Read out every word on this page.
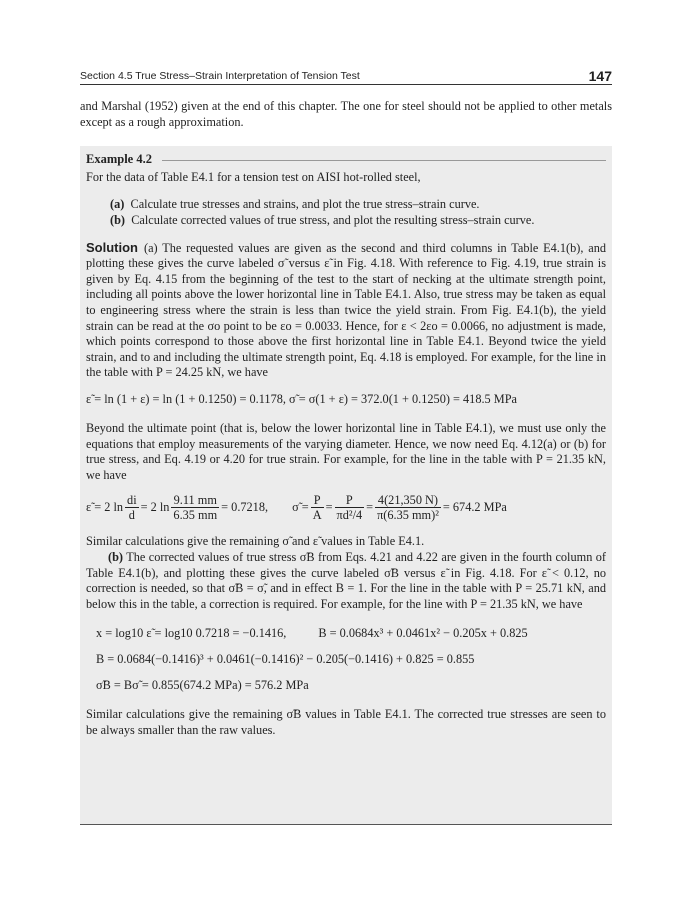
Section 4.5 True Stress–Strain Interpretation of Tension Test	147

and Marshal (1952) given at the end of this chapter. The one for steel should not be applied to other metals except as a rough approximation.

Example 4.2

For the data of Table E4.1 for a tension test on AISI hot-rolled steel,

(a) Calculate true stresses and strains, and plot the true stress–strain curve.
(b) Calculate corrected values of true stress, and plot the resulting stress–strain curve.

Solution (a) The requested values are given as the second and third columns in Table E4.1(b), and plotting these gives the curve labeled σ̃ versus ε̃ in Fig. 4.18. With reference to Fig. 4.19, true strain is given by Eq. 4.15 from the beginning of the test to the start of necking at the ultimate strength point, including all points above the lower horizontal line in Table E4.1. Also, true stress may be taken as equal to engineering stress where the strain is less than twice the yield strain. From Fig. E4.1(b), the yield strain can be read at the σo point to be εo = 0.0033. Hence, for ε < 2εo = 0.0066, no adjustment is made, which points correspond to those above the first horizontal line in Table E4.1. Beyond twice the yield strain, and to and including the ultimate strength point, Eq. 4.18 is employed. For example, for the line in the table with P = 24.25 kN, we have

ε̃ = ln (1 + ε) = ln (1 + 0.1250) = 0.1178, σ̃ = σ(1 + ε) = 372.0(1 + 0.1250) = 418.5 MPa

Beyond the ultimate point (that is, below the lower horizontal line in Table E4.1), we must use only the equations that employ measurements of the varying diameter. Hence, we now need Eq. 4.12(a) or (b) for true stress, and Eq. 4.19 or 4.20 for true strain. For example, for the line in the table with P = 21.35 kN, we have

ε̃ = 2 $\ln \frac{di}{d} = 2$ $\ln \frac{9.11 mm}{6.35 mm} = 0.7218$, σ̃ = $\frac{P}{A} = \frac{P}{\text{πd²/4}} = \frac{4(21,350 N)}{\text{π(6.35 mm)²}} = 674.2$ MPa

Similar calculations give the remaining σ̃ and ε̃ values in Table E4.1.

(b) The corrected values of true stress σ̃B from Eqs. 4.21 and 4.22 are given in the fourth column of Table E4.1(b), and plotting these gives the curve labeled σ̃B versus ε̃ in Fig. 4.18. For ε̃ < 0.12, no correction is needed, so that σ̃B = σ̃, and in effect B = 1. For the line in the table with P = 25.71 kN, and below this in the table, a correction is required. For example, for the line with P = 21.35 kN, we have

x = log10 ε̃ = log10 0.7218 = −0.1416,	B = 0.0684x³ + 0.0461x² − 0.205x + 0.825
B = 0.0684(−0.1416)³ + 0.0461(−0.1416)² − 0.205(−0.1416) + 0.825 = 0.855
σ̃B = Bσ̃ = 0.855(674.2 MPa) = 576.2 MPa

Similar calculations give the remaining σ̃B values in Table E4.1. The corrected true stresses are seen to be always smaller than the raw values.
